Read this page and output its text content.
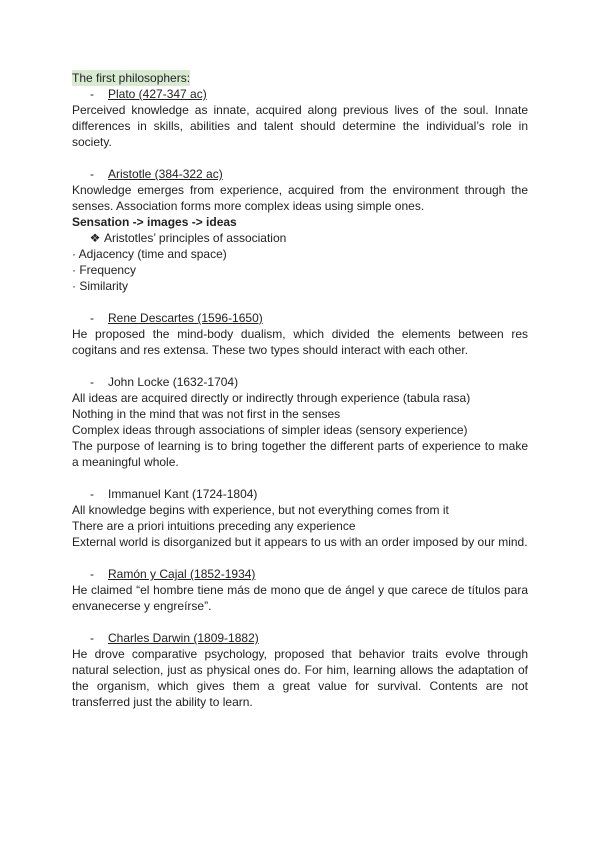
The first philosophers:
-	Plato (427-347 ac)

Perceived knowledge as innate, acquired along previous lives of the soul. Innate differences in skills, abilities and talent should determine the individual’s role in society.

-	Aristotle (384-322 ac)

Knowledge emerges from experience, acquired from the environment through the senses. Association forms more complex ideas using simple ones.

Sensation -> images -> ideas
❖ Aristotles’ principles of association
· Adjacency (time and space)
· Frequency
· Similarity
-	Rene Descartes (1596-1650)

He proposed the mind-body dualism, which divided the elements between res cogitans and res extensa. These two types should interact with each other.

-	John Locke (1632-1704)

All ideas are acquired directly or indirectly through experience (tabula rasa)

Nothing in the mind that was not first in the senses

Complex ideas through associations of simpler ideas (sensory experience)

The purpose of learning is to bring together the different parts of experience to make a meaningful whole.

-	Immanuel Kant (1724-1804)

All knowledge begins with experience, but not everything comes from it

There are a priori intuitions preceding any experience

External world is disorganized but it appears to us with an order imposed by our mind.

-	Ramón y Cajal (1852-1934)

He claimed “el hombre tiene más de mono que de ángel y que carece de títulos para envanecerse y engreírse”.

-	Charles Darwin (1809-1882)

He drove comparative psychology, proposed that behavior traits evolve through natural selection, just as physical ones do. For him, learning allows the adaptation of the organism, which gives them a great value for survival. Contents are not transferred just the ability to learn.
